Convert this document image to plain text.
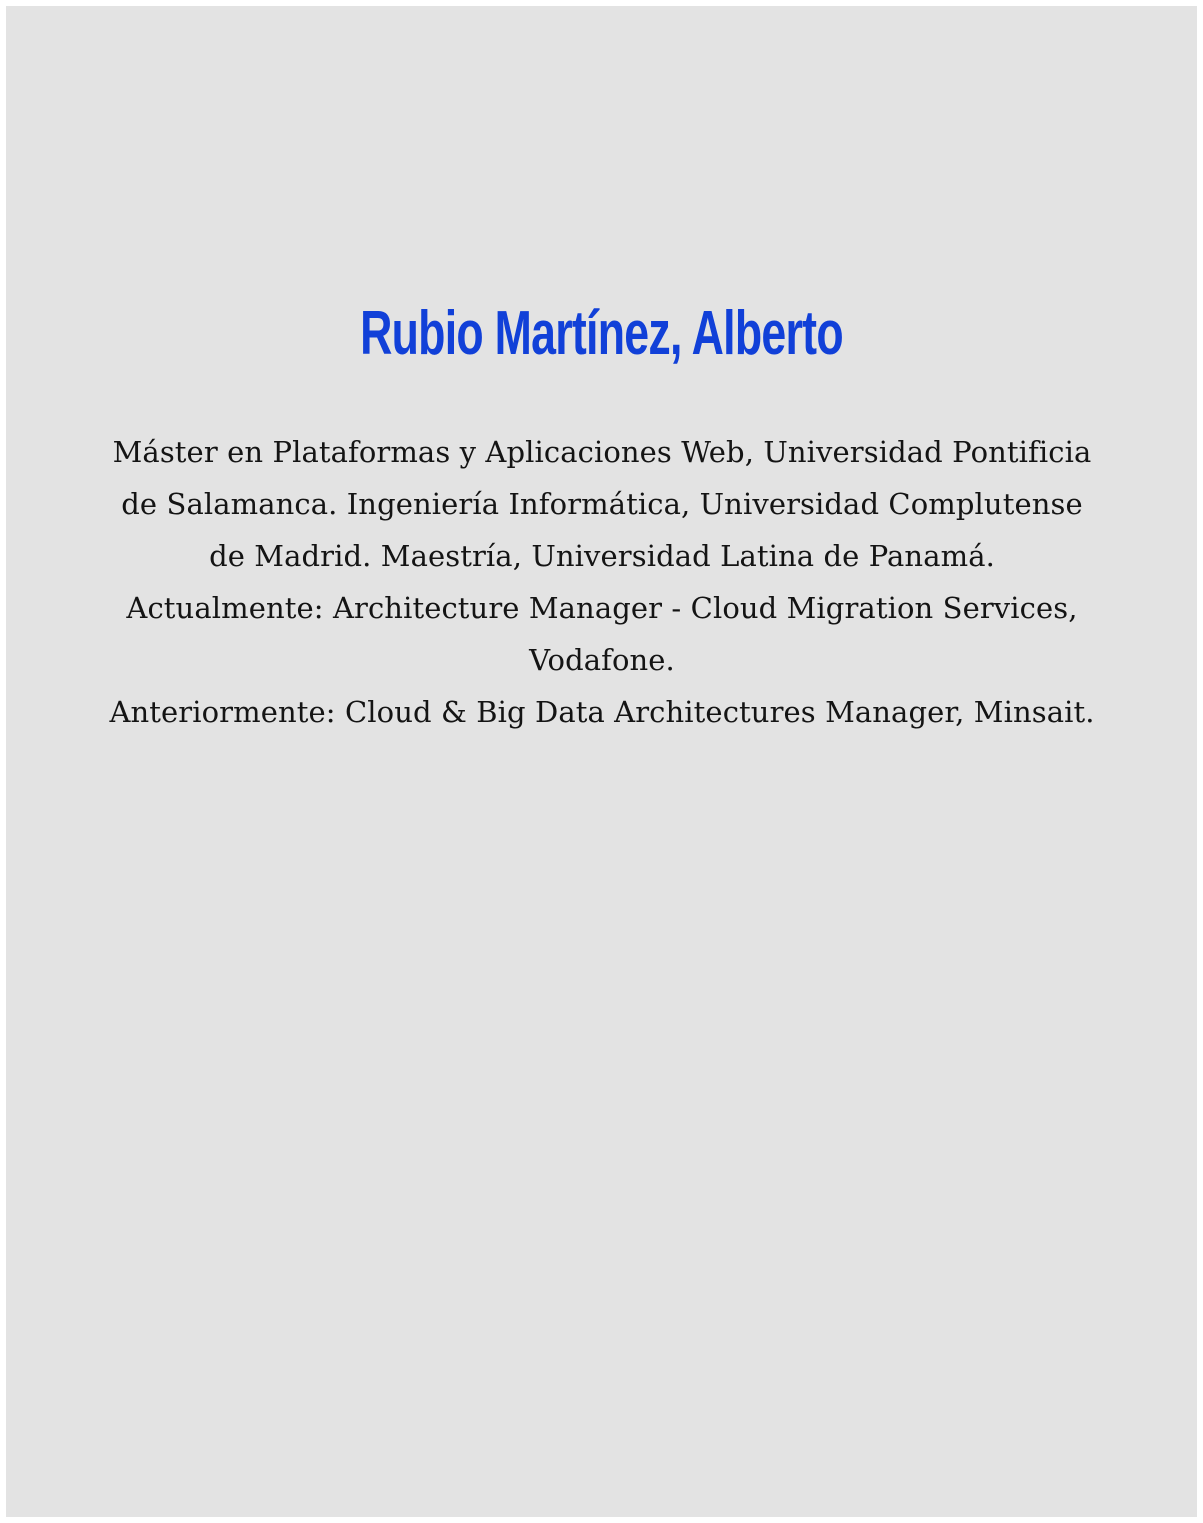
Rubio Martínez, Alberto

Máster en Plataformas y Aplicaciones Web, Universidad Pontificia de Salamanca. Ingeniería Informática, Universidad Complutense de Madrid. Maestría, Universidad Latina de Panamá.

Actualmente: Architecture Manager - Cloud Migration Services, Vodafone.

Anteriormente: Cloud & Big Data Architectures Manager, Minsait.
